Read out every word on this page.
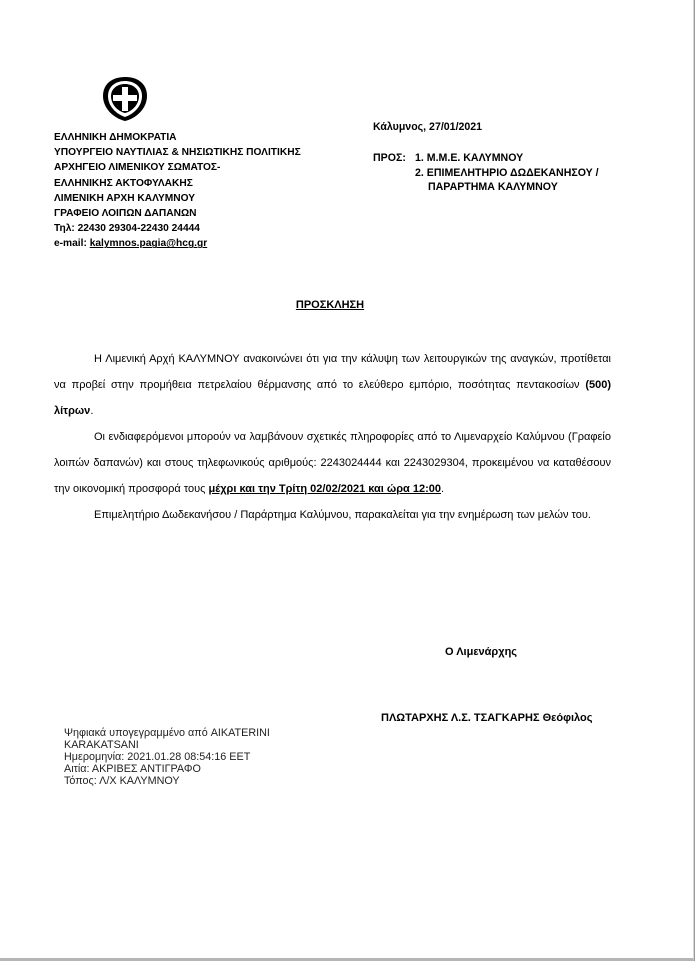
ΕΛΛΗΝΙΚΗ ΔΗΜΟΚΡΑΤΙΑ
ΥΠΟΥΡΓΕΙΟ ΝΑΥΤΙΛΙΑΣ & ΝΗΣΙΩΤΙΚΗΣ ΠΟΛΙΤΙΚΗΣ
ΑΡΧΗΓΕΙΟ ΛΙΜΕΝΙΚΟΥ ΣΩΜΑΤΟΣ-
ΕΛΛΗΝΙΚΗΣ ΑΚΤΟΦΥΛΑΚΗΣ
ΛΙΜΕΝΙΚΗ ΑΡΧΗ ΚΑΛΥΜΝΟΥ
ΓΡΑΦΕΙΟ ΛΟΙΠΩΝ ΔΑΠΑΝΩΝ
Τηλ: 22430 29304-22430 24444
e-mail: kalymnos.pagia@hcg.gr
Κάλυμνος, 27/01/2021
ΠΡΟΣ: 1. Μ.Μ.Ε. ΚΑΛΥΜΝΟΥ
2. ΕΠΙΜΕΛΗΤΗΡΙΟ ΔΩΔΕΚΑΝΗΣΟΥ /
ΠΑΡΑΡΤΗΜΑ ΚΑΛΥΜΝΟΥ
ΠΡΟΣΚΛΗΣΗ

Η Λιμενική Αρχή ΚΑΛΥΜΝΟΥ ανακοινώνει ότι για την κάλυψη των λειτουργικών της αναγκών, προτίθεται να προβεί στην προμήθεια πετρελαίου θέρμανσης από το ελεύθερο εμπόριο, ποσότητας πεντακοσίων (500) λίτρων.

Οι ενδιαφερόμενοι μπορούν να λαμβάνουν σχετικές πληροφορίες από το Λιμεναρχείο Καλύμνου (Γραφείο λοιπών δαπανών) και στους τηλεφωνικούς αριθμούς: 2243024444 και 2243029304, προκειμένου να καταθέσουν την οικονομική προσφορά τους μέχρι και την Τρίτη 02/02/2021 και ώρα 12:00.

Επιμελητήριο Δωδεκανήσου / Παράρτημα Καλύμνου, παρακαλείται για την ενημέρωση των μελών του.

Ο Λιμενάρχης
ΠΛΩΤΑΡΧΗΣ Λ.Σ. ΤΣΑΓΚΑΡΗΣ Θεόφιλος
Ψηφιακά υπογεγραμμένο από AIKATERINI
KARAKATSANI
Ημερομηνία: 2021.01.28 08:54:16 EET
Αιτία: ΑΚΡΙΒΕΣ ΑΝΤΙΓΡΑΦΟ
Τόπος: Λ/Χ ΚΑΛΥΜΝΟΥ
